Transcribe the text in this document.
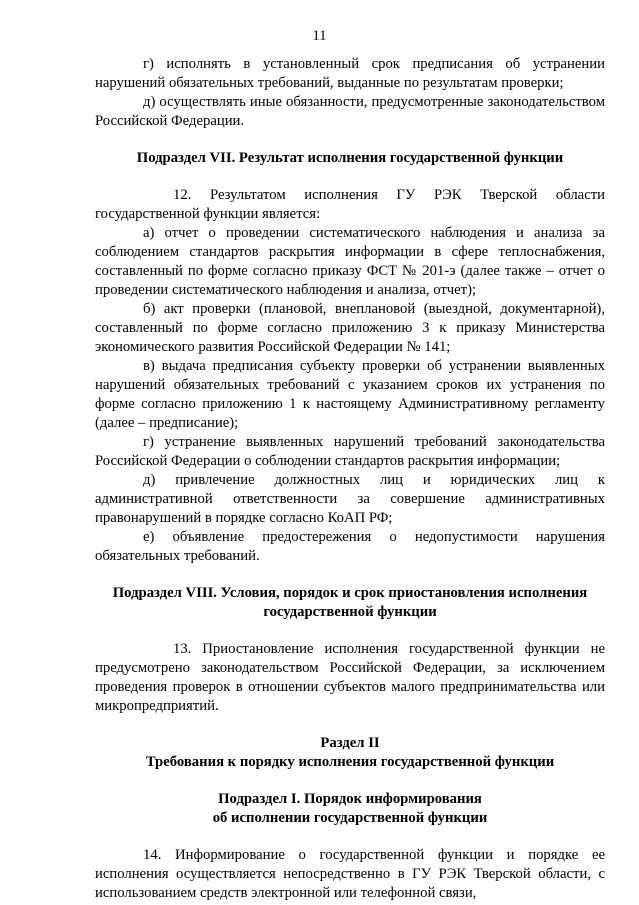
11

г) исполнять в установленный срок предписания об устранении нарушений обязательных требований, выданные по результатам проверки;

д) осуществлять иные обязанности, предусмотренные законодательством Российской Федерации.

Подраздел VII. Результат исполнения государственной функции

12. Результатом исполнения ГУ РЭК Тверской области государственной функции является:

а) отчет о проведении систематического наблюдения и анализа за соблюдением стандартов раскрытия информации в сфере теплоснабжения, составленный по форме согласно приказу ФСТ № 201-э (далее также – отчет о проведении систематического наблюдения и анализа, отчет);

б) акт проверки (плановой, внеплановой (выездной, документарной), составленный по форме согласно приложению 3 к приказу Министерства экономического развития Российской Федерации № 141;

в) выдача предписания субъекту проверки об устранении выявленных нарушений обязательных требований с указанием сроков их устранения по форме согласно приложению 1 к настоящему Административному регламенту (далее – предписание);

г) устранение выявленных нарушений требований законодательства Российской Федерации о соблюдении стандартов раскрытия информации;

д) привлечение должностных лиц и юридических лиц к административной ответственности за совершение административных правонарушений в порядке согласно КоАП РФ;

е) объявление предостережения о недопустимости нарушения обязательных требований.

Подраздел VIII. Условия, порядок и срок приостановления исполнения

государственной функции

13. Приостановление исполнения государственной функции не предусмотрено законодательством Российской Федерации, за исключением проведения проверок в отношении субъектов малого предпринимательства или микропредприятий.

Раздел II

Требования к порядку исполнения государственной функции

Подраздел I. Порядок информирования

об исполнении государственной функции

14. Информирование о государственной функции и порядке ее исполнения осуществляется непосредственно в ГУ РЭК Тверской области, с использованием средств электронной или телефонной связи,
